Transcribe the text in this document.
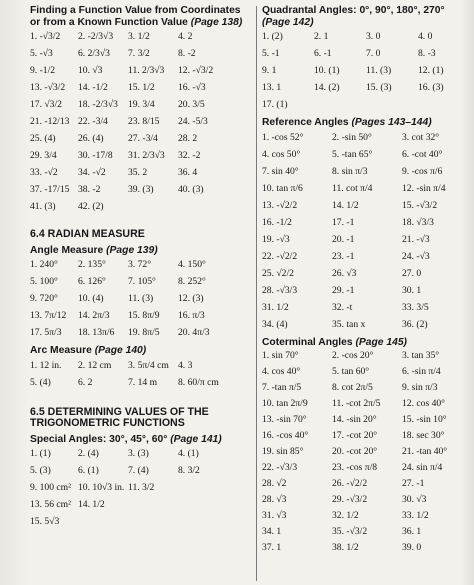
Finding a Function Value from Coordinates or from a Known Function Value (Page 138)
1. -√3/2	2. -2/3√3	3. 1/2	4. 2
5. -√3	6. 2/3√3	7. 3/2	8. -2
9. -1/2	10. √3	11. 2/3√3	12. -√3/2
13. -√3/2	14. -1/2	15. 1/2	16. -√3
17. √3/2	18. -2/3√3	19. 3/4	20. 3/5
21. -12/13 22. -3/4	23. 8/15	24. -5/3
25. (4)	26. (4)	27. -3/4	28. 2
29. 3/4	30. -17/8	31. 2/3√3	32. -2
33. -√2	34. -√2	35. 2	36. 4
37. -17/15 38. -2	39. (3)	40. (3)
41. (3)	42. (2)
6.4 RADIAN MEASURE
Angle Measure (Page 139)
1. 240°	2. 135°	3. 72°	4. 150°
5. 100°	6. 126°	7. 105°	8. 252°
9. 720°	10. (4)	11. (3)	12. (3)
13. 7π/12	14. 2π/3	15. 8π/9	16. π/3
17. 5π/3	18. 13π/6	19. 8π/5	20. 4π/3
Arc Measure (Page 140)
1. 12 in.	2. 12 cm	3. 5π/4 cm 4. 3
5. (4)	6. 2	7. 14 m	8. 60/π cm
6.5 DETERMINING VALUES OF THE TRIGONOMETRIC FUNCTIONS
Special Angles: 30°, 45°, 60° (Page 141)
1. (1)	2. (4)	3. (3)	4. (1)
5. (3)	6. (1)	7. (4)	8. 3/2
9. 100 cm² 10. 10√3 in. 11. 3/2
13. 56 cm² 14. 1/2
15. 5√3
Quadrantal Angles: 0°, 90°, 180°, 270° (Page 142)
1. (2)	2. 1	3. 0	4. 0
5. -1	6. -1	7. 0	8. -3
9. 1	10. (1)	11. (3)	12. (1)
13. 1	14. (2)	15. (3)	16. (3)
17. (1)
Reference Angles (Pages 143–144)
1. -cos 52°	2. -sin 50°	3. cot 32°
4. cos 50°	5. -tan 65°	6. -cot 40°
7. sin 40°	8. sin π/3	9. -cos π/6
10. tan π/6	11. cot π/4	12. -sin π/4
13. -√2/2	14. 1/2	15. -√3/2
16. -1/2	17. -1	18. √3/3
19. -√3	20. -1	21. -√3
22. -√2/2	23. -1	24. -√3
25. √2/2	26. √3	27. 0
28. -√3/3	29. -1	30. 1
31. 1/2	32. -t	33. 3/5
34. (4)	35. tan x	36. (2)
Coterminal Angles (Page 145)
1. sin 70°	2. -cos 20°	3. tan 35°
4. cos 40°	5. tan 60°	6. -sin π/4
7. -tan π/5	8. cot 2π/5	9. sin π/3
10. tan 2π/9	11. -cot 2π/5	12. cos 40°
13. -sin 70°	14. -sin 20°	15. -sin 10°
16. -cos 40°	17. -cot 20°	18. sec 30°
19. sin 85°	20. -cot 20°	21. -tan 40°
22. -√3/3	23. -cos π/8	24. sin π/4
28. √2	26. -√2/2	27. -1
28. √3	29. -√3/2	30. √3
31. √3	32. 1/2	33. 1/2
34. 1	35. -√3/2	36. 1
37. 1	38. 1/2	39. 0
